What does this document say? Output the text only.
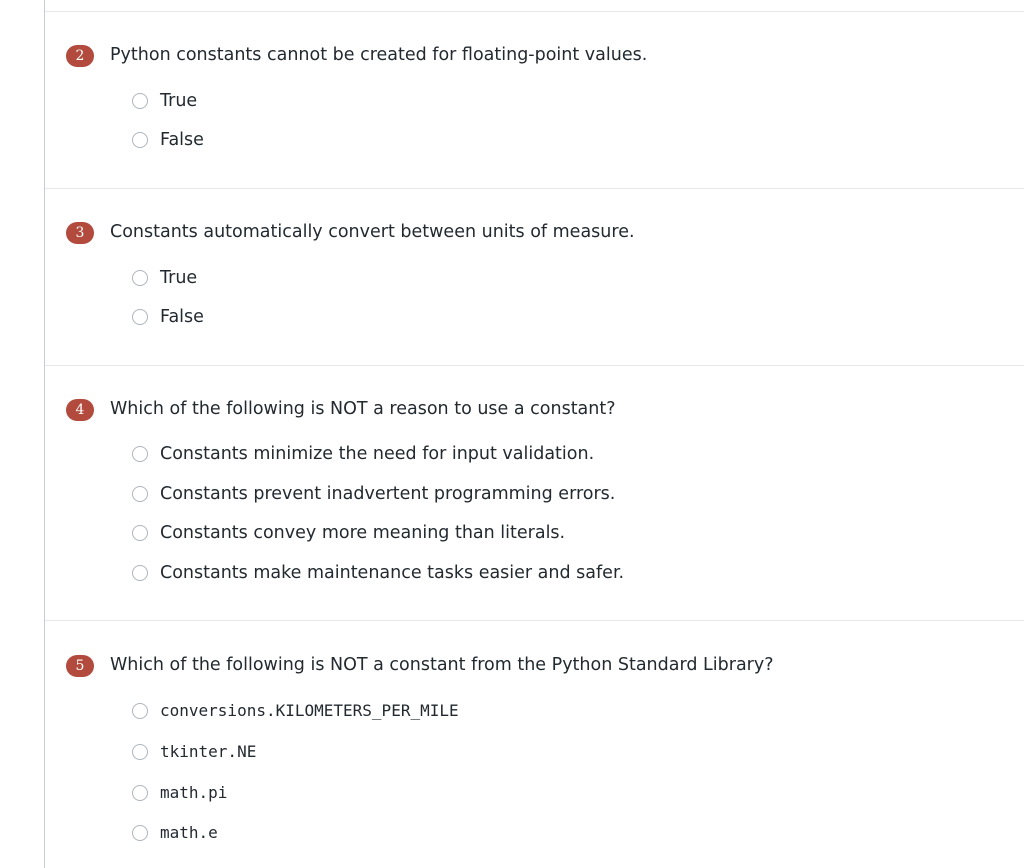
2	Python constants cannot be created for floating-point values.
True
False
3	Constants automatically convert between units of measure.
True
False
4	Which of the following is NOT a reason to use a constant?
Constants minimize the need for input validation.
Constants prevent inadvertent programming errors.
Constants convey more meaning than literals.
Constants make maintenance tasks easier and safer.
5	Which of the following is NOT a constant from the Python Standard Library?
conversions.KILOMETERS_PER_MILE
tkinter.NE
math.pi
math.e
